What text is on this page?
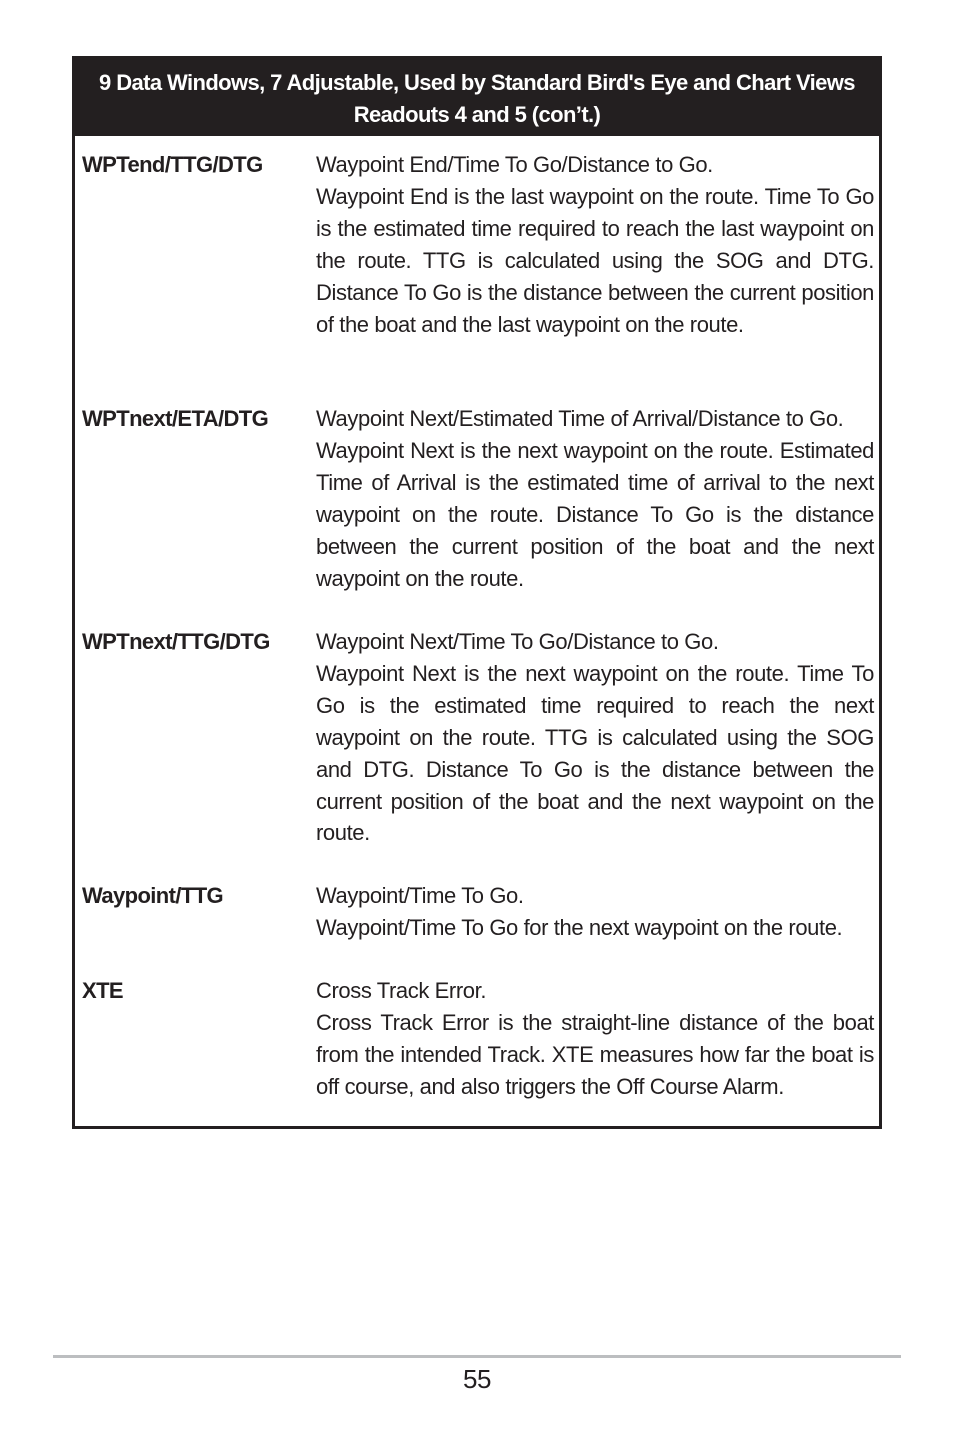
9 Data Windows, 7 Adjustable, Used by Standard Bird's Eye and Chart Views
Readouts 4 and 5 (con’t.)
WPTend/TTG/DTG Waypoint End/Time To Go/Distance to Go.
Waypoint End is the last waypoint on the route. Time To Go is the estimated time required to reach the last waypoint on the route. TTG is calculated using the SOG and DTG. Distance To Go is the distance between the current position of the boat and the last waypoint on the route.
WPTnext/ETA/DTG Waypoint Next/Estimated Time of Arrival/Distance to Go.
Waypoint Next is the next waypoint on the route. Estimated Time of Arrival is the estimated time of arrival to the next waypoint on the route. Distance To Go is the distance between the current position of the boat and the next waypoint on the route.
WPTnext/TTG/DTG Waypoint Next/Time To Go/Distance to Go.
Waypoint Next is the next waypoint on the route. Time To Go is the estimated time required to reach the next waypoint on the route. TTG is calculated using the SOG and DTG. Distance To Go is the distance between the current position of the boat and the next waypoint on the route.
Waypoint/TTG	Waypoint/Time To Go.
Waypoint/Time To Go for the next waypoint on the route.
XTE	Cross Track Error.
Cross Track Error is the straight-line distance of the boat from the intended Track. XTE measures how far the boat is off course, and also triggers the Off Course Alarm.
55
